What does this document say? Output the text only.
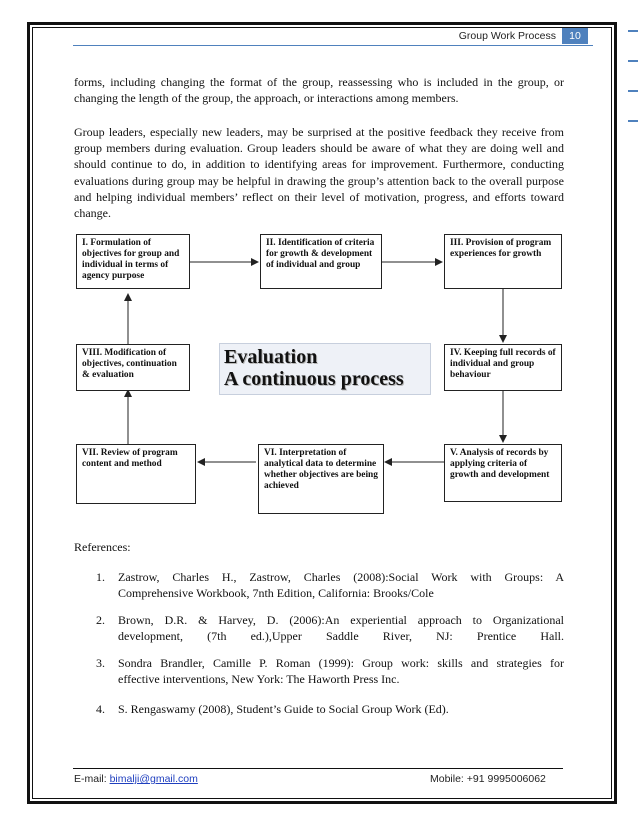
Group Work Process	10

forms, including changing the format of the group, reassessing who is included in the group, or changing the length of the group, the approach, or interactions among members.

Group leaders, especially new leaders, may be surprised at the positive feedback they receive from group members during evaluation. Group leaders should be aware of what they are doing well and should continue to do, in addition to identifying areas for improvement. Furthermore, conducting evaluations during group may be helpful in drawing the group’s attention back to the overall purpose and helping individual members’ reflect on their level of motivation, progress, and efforts toward change.

I. Formulation of objectives for group and individual in terms of agency purpose
II. Identification of criteria for growth & development of individual and group
III. Provision of program experiences for growth
IV. Keeping full records of individual and group behaviour
V. Analysis of records by applying criteria of growth and development
VI. Interpretation of analytical data to determine whether objectives are being achieved
VII. Review of program content and method
VIII. Modification of objectives, continuation & evaluation
Evaluation
A continuous process
References:
1. Zastrow, Charles H., Zastrow, Charles (2008):Social Work with Groups: A
Comprehensive Workbook, 7nth Edition, California: Brooks/Cole
2. Brown, D.R. & Harvey, D. (2006):An experiential approach to Organizational
development, (7th ed.),Upper Saddle River, NJ: Prentice Hall.
3. Sondra Brandler, Camille P. Roman (1999): Group work: skills and strategies for
effective interventions, New York: The Haworth Press Inc.
4. S. Rengaswamy (2008), Student’s Guide to Social Group Work (Ed).
E-mail: bimalji@gmail.com	Mobile: +91 9995006062
